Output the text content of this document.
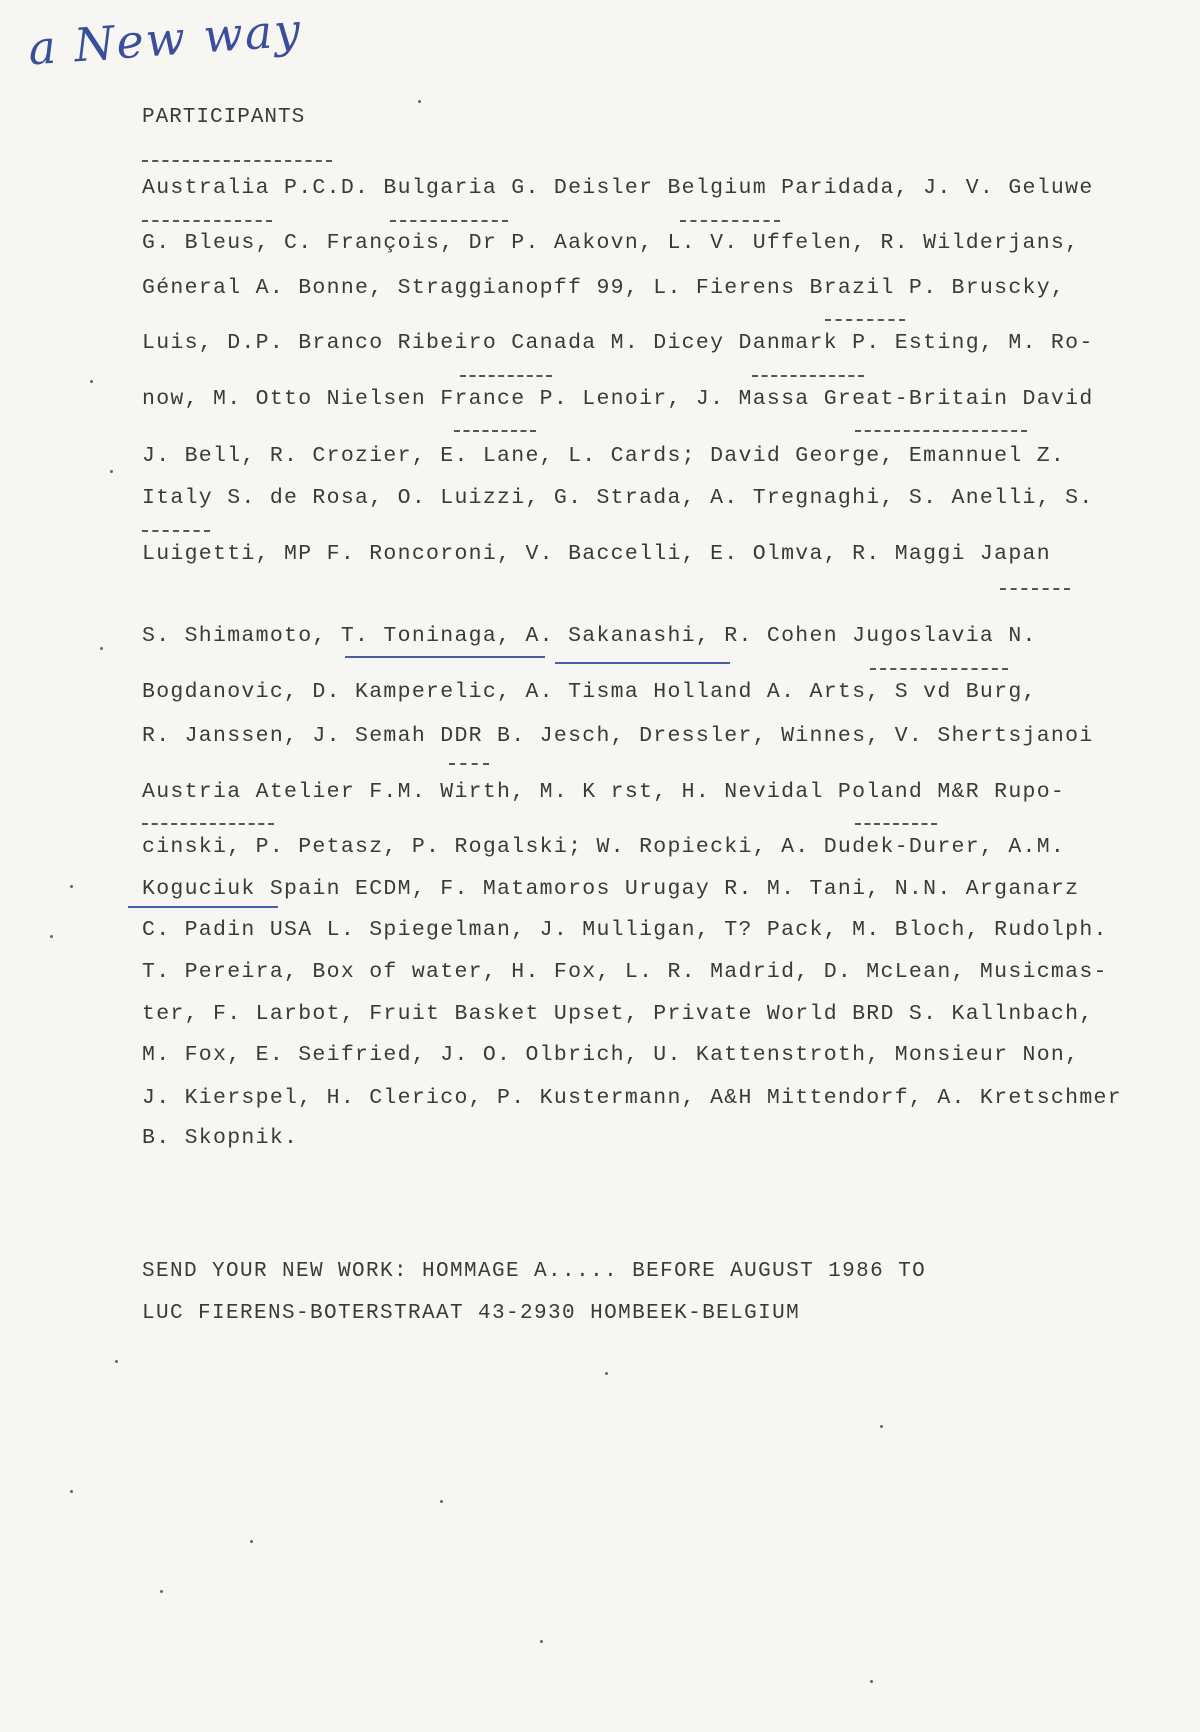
a New way
PARTICIPANTS
Australia P.C.D. Bulgaria G. Deisler Belgium Paridada, J. V. Geluwe
G. Bleus, C. François, Dr P. Aakovn, L. V. Uffelen, R. Wilderjans,
Géneral A. Bonne, Straggianopff 99, L. Fierens Brazil P. Bruscky,
Luis, D.P. Branco Ribeiro Canada M. Dicey Danmark P. Esting, M. Ro-
now, M. Otto Nielsen France P. Lenoir, J. Massa Great-Britain David
J. Bell, R. Crozier, E. Lane, L. Cards; David George, Emannuel Z.
Italy S. de Rosa, O. Luizzi, G. Strada, A. Tregnaghi, S. Anelli, S.
Luigetti, MP F. Roncoroni, V. Baccelli, E. Olmva, R. Maggi Japan
S. Shimamoto, T. Toninaga, A. Sakanashi, R. Cohen Jugoslavia N.
Bogdanovic, D. Kamperelic, A. Tisma Holland A. Arts, S vd Burg,
R. Janssen, J. Semah DDR B. Jesch, Dressler, Winnes, V. Shertsjanoi
Austria Atelier F.M. Wirth, M. K rst, H. Nevidal Poland M&R Rupo-
cinski, P. Petasz, P. Rogalski; W. Ropiecki, A. Dudek-Durer, A.M.
Koguciuk Spain ECDM, F. Matamoros Urugay R. M. Tani, N.N. Arganarz
C. Padin USA L. Spiegelman, J. Mulligan, T? Pack, M. Bloch, Rudolph.
T. Pereira, Box of water, H. Fox, L. R. Madrid, D. McLean, Musicmas-
ter, F. Larbot, Fruit Basket Upset, Private World BRD S. Kallnbach,
M. Fox, E. Seifried, J. O. Olbrich, U. Kattenstroth, Monsieur Non,
J. Kierspel, H. Clerico, P. Kustermann, A&H Mittendorf, A. Kretschmer
B. Skopnik.
SEND YOUR NEW WORK: HOMMAGE A..... BEFORE AUGUST 1986 TO
LUC FIERENS-BOTERSTRAAT 43-2930 HOMBEEK-BELGIUM
